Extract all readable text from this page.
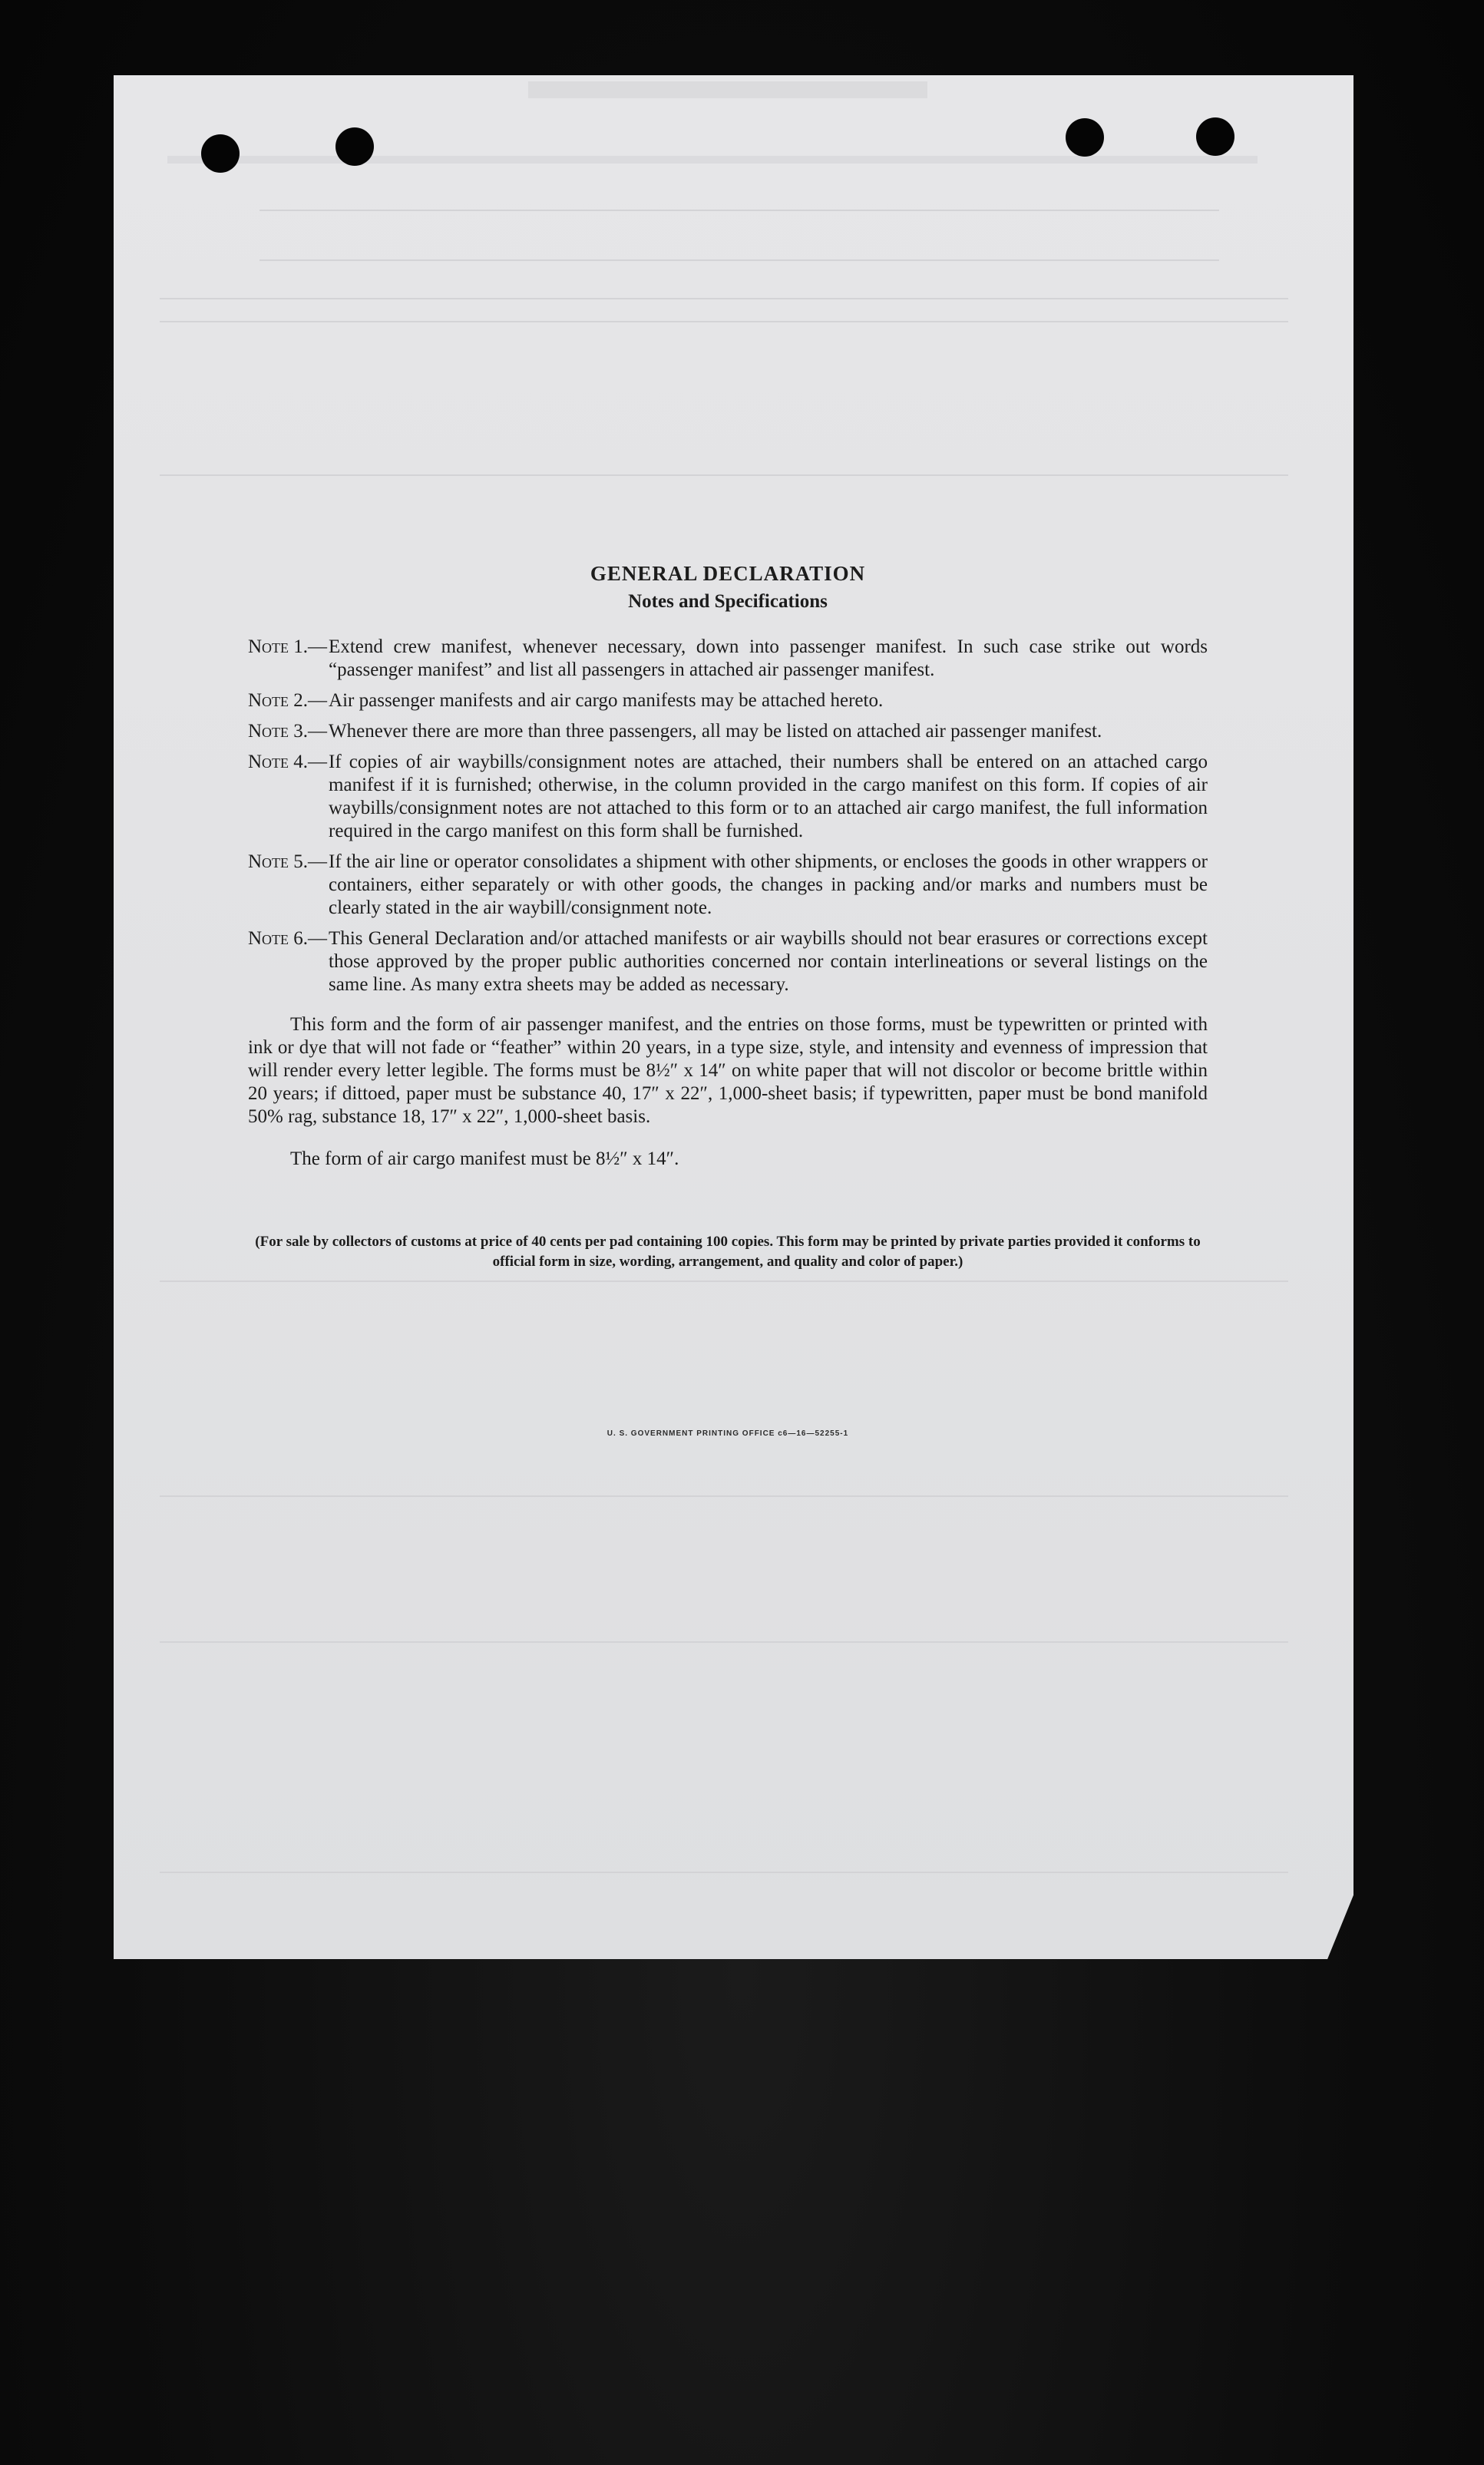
GENERAL DECLARATION

Notes and Specifications

Note 1.— Extend crew manifest, whenever necessary, down into passenger manifest. In such case strike out words “passenger manifest” and list all passengers in attached air passenger manifest.
Note 2.— Air passenger manifests and air cargo manifests may be attached hereto.
Note 3.— Whenever there are more than three passengers, all may be listed on attached air passenger manifest.
Note 4.— If copies of air waybills/consignment notes are attached, their numbers shall be entered on an attached cargo manifest if it is furnished; otherwise, in the column provided in the cargo manifest on this form. If copies of air waybills/consignment notes are not attached to this form or to an attached air cargo manifest, the full information required in the cargo manifest on this form shall be furnished.
Note 5.— If the air line or operator consolidates a shipment with other shipments, or encloses the goods in other wrappers or containers, either separately or with other goods, the changes in packing and/or marks and numbers must be clearly stated in the air waybill/consignment note.
Note 6.— This General Declaration and/or attached manifests or air waybills should not bear erasures or corrections except those approved by the proper public authorities concerned nor contain interlineations or several listings on the same line. As many extra sheets may be added as necessary.

This form and the form of air passenger manifest, and the entries on those forms, must be typewritten or printed with ink or dye that will not fade or “feather” within 20 years, in a type size, style, and intensity and evenness of impression that will render every letter legible. The forms must be 8½″ x 14″ on white paper that will not discolor or become brittle within 20 years; if dittoed, paper must be substance 40, 17″ x 22″, 1,000-sheet basis; if typewritten, paper must be bond manifold 50% rag, substance 18, 17″ x 22″, 1,000-sheet basis.

The form of air cargo manifest must be 8½″ x 14″.

(For sale by collectors of customs at price of 40 cents per pad containing 100 copies. This form may be printed by private parties provided it conforms to official form in size, wording, arrangement, and quality and color of paper.)

U. S. GOVERNMENT PRINTING OFFICE c6—16—52255-1
